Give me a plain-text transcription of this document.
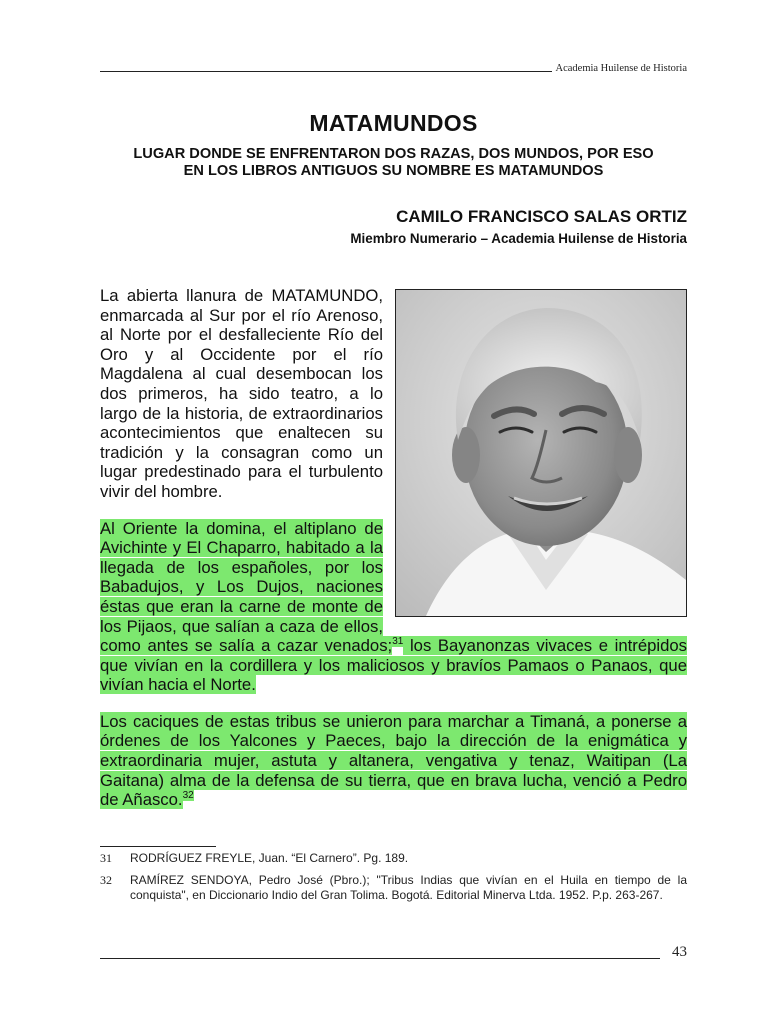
Academia Huilense de Historia
MATAMUNDOS
LUGAR DONDE SE ENFRENTARON DOS RAZAS, DOS MUNDOS, POR ESO
EN LOS LIBROS ANTIGUOS SU NOMBRE ES MATAMUNDOS

CAMILO FRANCISCO SALAS ORTIZ

Miembro Numerario – Academia Huilense de Historia

La abierta llanura de MATAMUNDO, enmarcada al Sur por el río Arenoso, al Norte por el desfalleciente Río del Oro y al Occidente por el río Magdalena al cual desembocan los dos primeros, ha sido teatro, a lo largo de la historia, de extraordinarios acontecimientos que enaltecen su tradición y la consagran como un lugar predestinado para el turbulento vivir del hombre.

Al Oriente la domina, el altiplano de Avichinte y El Chaparro, habitado a la llegada de los españoles, por los Babadujos, y Los Dujos, naciones éstas que eran la carne de monte de los Pijaos, que salían a caza de ellos, como antes se salía a cazar venados;$^{31}$ los Bayanonzas vivaces e intrépidos que vivían en la cordillera y los maliciosos y bravíos Pamaos o Panaos, que vivían hacia el Norte.

Los caciques de estas tribus se unieron para marchar a Timaná, a ponerse a órdenes de los Yalcones y Paeces, bajo la dirección de la enigmática y extraordinaria mujer, astuta y altanera, vengativa y tenaz, Waitipan (La Gaitana) alma de la defensa de su tierra, que en brava lucha, venció a Pedro de Añasco.$^{32}$

31 RODRÍGUEZ FREYLE, Juan. “El Carnero”. Pg. 189.
32 RAMÍREZ SENDOYA, Pedro José (Pbro.); "Tribus Indias que vivían en el Huila en tiempo de la conquista", en Diccionario Indio del Gran Tolima. Bogotá. Editorial Minerva Ltda. 1952. P.p. 263-267.
43
